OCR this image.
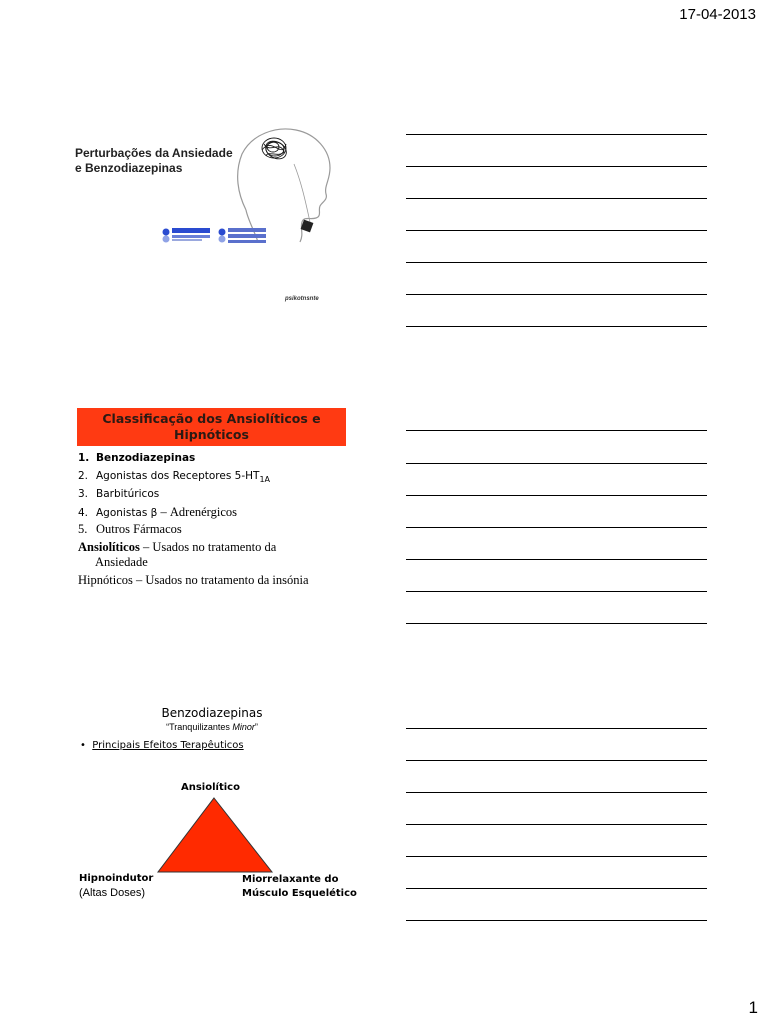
17-04-2013
Perturbações da Ansiedade
e Benzodiazepinas
psikotnsnte
Classificação dos Ansiolíticos e Hipnóticos
1. Benzodiazepinas
2. Agonistas dos Receptores $5-HT_{1A}$
3. Barbitúricos
4. Agonistas β – Adrenérgicos
5. Outros Fármacos
Ansiolíticos – Usados no tratamento da
Ansiedade
Hipnóticos – Usados no tratamento da insónia
Benzodiazepinas
“Tranquilizantes Minor”
• Principais Efeitos Terapêuticos
Ansiolítico
Hipnoindutor
(Altas Doses)
Miorrelaxante do
Músculo Esquelético
1
